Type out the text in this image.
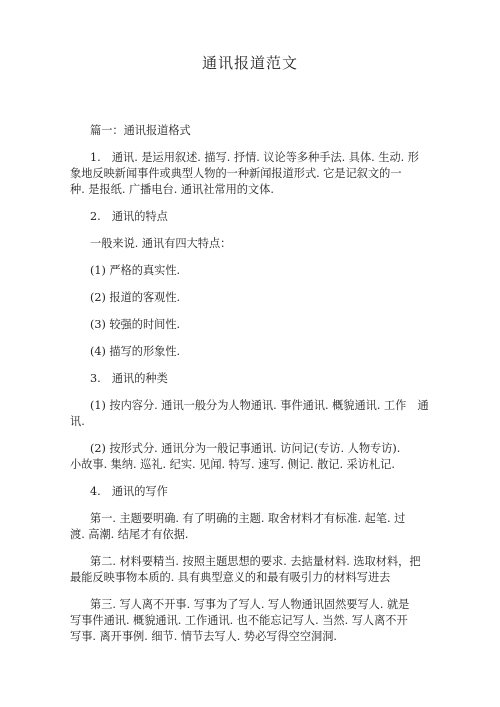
通讯报道范文
篇一：通讯报道格式
1.　通讯. 是运用叙述. 描写. 抒情. 议论等多种手法. 具体. 生动. 形
象地反映新闻事件或典型人物的一种新闻报道形式. 它是记叙文的一
种. 是报纸. 广播电台. 通讯社常用的文体.
2.　通讯的特点
一般来说. 通讯有四大特点：
(1) 严格的真实性.
(2) 报道的客观性.
(3) 较强的时间性.
(4) 描写的形象性.
3.　通讯的种类
(1) 按内容分. 通讯一般分为人物通讯. 事件通讯. 概貌通讯. 工作　通
讯.
(2) 按形式分. 通讯分为一般记事通讯. 访问记(专访. 人物专访).
小故事. 集纳. 巡礼. 纪实. 见闻. 特写. 速写. 侧记. 散记. 采访札记.
4.　通讯的写作
第一. 主题要明确. 有了明确的主题. 取舍材料才有标准. 起笔. 过
渡. 高潮. 结尾才有依据.
第二. 材料要精当. 按照主题思想的要求. 去掂量材料. 选取材料，把
最能反映事物本质的. 具有典型意义的和最有吸引力的材料写进去
第三. 写人离不开事. 写事为了写人. 写人物通讯固然要写人. 就是
写事件通讯. 概貌通讯. 工作通讯. 也不能忘记写人. 当然. 写人离不开
写事. 离开事例. 细节. 情节去写人. 势必写得空空洞洞.
